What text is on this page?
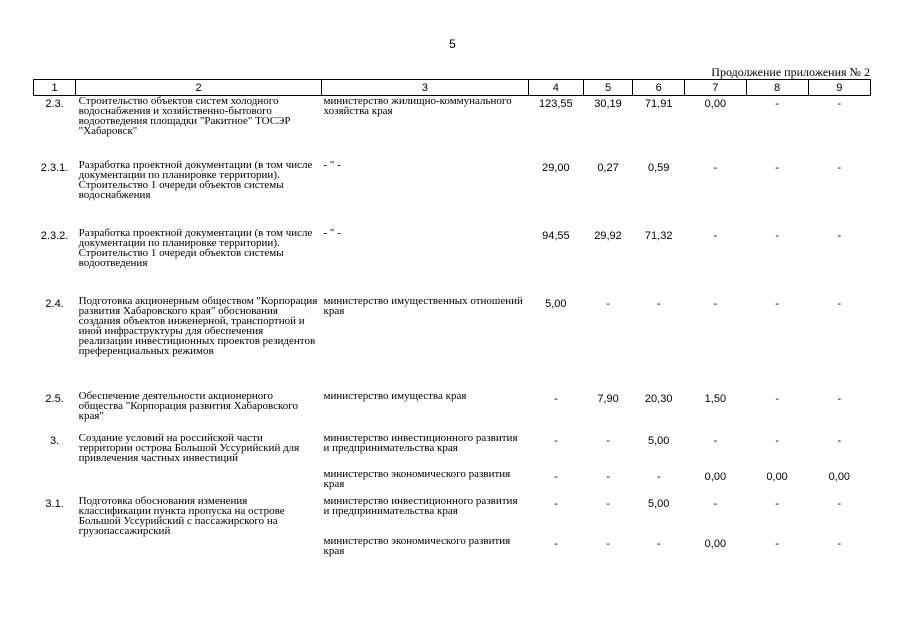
5
Продолжение приложения № 2
1	2	3	4	5	6	7	8	9
2.3.	Строительство объектов систем холодного водоснабжения и хозяйственно-бытового водоотведения площадки "Ракитное" ТОСЭР "Хабаровск"	министерство жилищно-коммунального хозяйства края	123,55	30,19	71,91	0,00	-	-
2.3.1.	Разработка проектной документации (в том числе документации по планировке территории). Строительство 1 очереди объектов системы водоснабжения	- " -	29,00	0,27	0,59	-	-	-
2.3.2.	Разработка проектной документации (в том числе документации по планировке территории). Строительство 1 очереди объектов системы водоотведения	- " -	94,55	29,92	71,32	-	-	-
2.4.	Подготовка акционерным обществом "Корпорация развития Хабаровского края" обоснования создания объектов инженерной, транспортной и иной инфраструктуры для обеспечения реализации инвестиционных проектов резидентов преференциальных режимов	министерство имущественных отношений края	5,00	-	-	-	-	-
2.5.	Обеспечение деятельности акционерного общества "Корпорация развития Хабаровского края"	министерство имущества края	-	7,90	20,30	1,50	-	-
3.	Создание условий на российской части территории острова Большой Уссурийский для привлечения частных инвестиций	министерство инвестиционного развития и предпринимательства края	-	-	5,00	-	-	-
		министерство экономического развития края	-	-	-	0,00	0,00	0,00
3.1.	Подготовка обоснования изменения классификации пункта пропуска на острове Большой Уссурийский с пассажирского на грузопассажирский	министерство инвестиционного развития и предпринимательства края	-	-	5,00	-	-	-
		министерство экономического развития края	-	-	-	0,00	-	-
